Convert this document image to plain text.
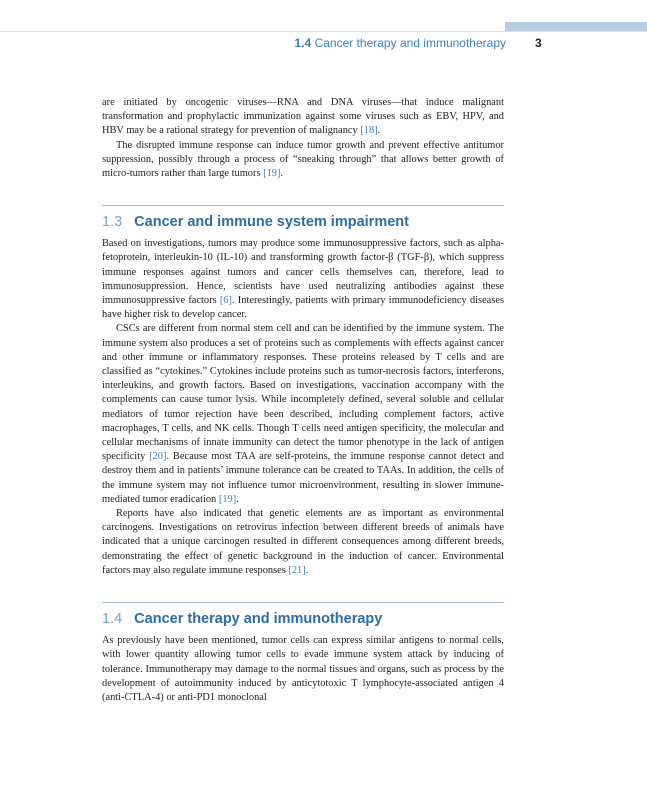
1.4 Cancer therapy and immunotherapy 3

are initiated by oncogenic viruses—RNA and DNA viruses—that induce malignant transformation and prophylactic immunization against some viruses such as EBV, HPV, and HBV may be a rational strategy for prevention of malignancy [18].

The disrupted immune response can induce tumor growth and prevent effective antitumor suppression, possibly through a process of “sneaking through” that allows better growth of micro-tumors rather than large tumors [19].

1.3 Cancer and immune system impairment

Based on investigations, tumors may produce some immunosuppressive factors, such as alpha-fetoprotein, interleukin-10 (IL-10) and transforming growth factor-β (TGF-β), which suppress immune responses against tumors and cancer cells themselves can, therefore, lead to immunosuppression. Hence, scientists have used neutralizing antibodies against these immunosuppressive factors [6]. Interestingly, patients with primary immunodeficiency diseases have higher risk to develop cancer.

CSCs are different from normal stem cell and can be identified by the immune system. The immune system also produces a set of proteins such as complements with effects against cancer and other immune or inflammatory responses. These proteins released by T cells and are classified as “cytokines.” Cytokines include proteins such as tumor-necrosis factors, interferons, interleukins, and growth factors. Based on investigations, vaccination accompany with the complements can cause tumor lysis. While incompletely defined, several soluble and cellular mediators of tumor rejection have been described, including complement factors, active macrophages, T cells, and NK cells. Though T cells need antigen specificity, the molecular and cellular mechanisms of innate immunity can detect the tumor phenotype in the lack of antigen specificity [20]. Because most TAA are self-proteins, the immune response cannot detect and destroy them and in patients’ immune tolerance can be created to TAAs. In addition, the cells of the immune system may not influence tumor microenvironment, resulting in slower immune-mediated tumor eradication [19].

Reports have also indicated that genetic elements are as important as environmental carcinogens. Investigations on retrovirus infection between different breeds of animals have indicated that a unique carcinogen resulted in different consequences among different breeds, demonstrating the effect of genetic background in the induction of cancer. Environmental factors may also regulate immune responses [21].

1.4 Cancer therapy and immunotherapy

As previously have been mentioned, tumor cells can express similar antigens to normal cells, with lower quantity allowing tumor cells to evade immune system attack by inducing of tolerance. Immunotherapy may damage to the normal tissues and organs, such as process by the development of autoimmunity induced by anticytotoxic T lymphocyte-associated antigen 4 (anti-CTLA-4) or anti-PD1 monoclonal
